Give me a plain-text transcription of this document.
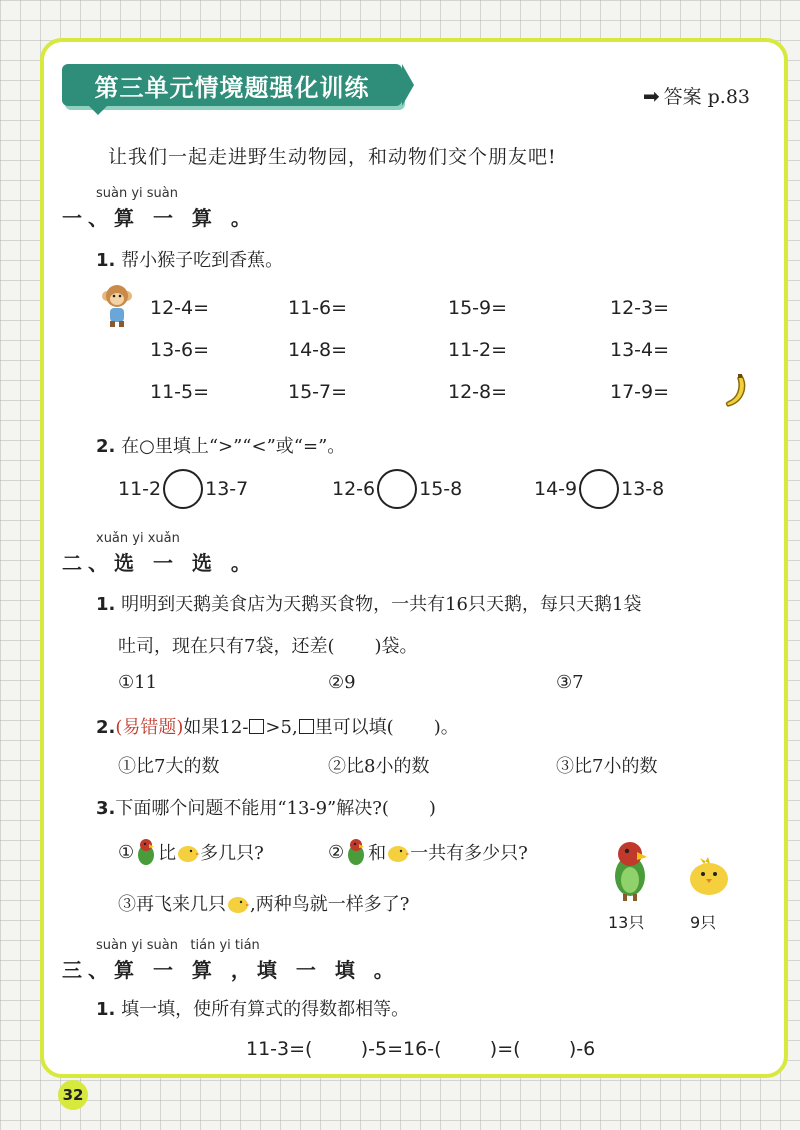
第三单元情境题强化训练	➡ 答案 p.83
让我们一起走进野生动物园，和动物们交个朋友吧!
suàn yi suàn
一、算 一 算 。
1. 帮小猴子吃到香蕉。
12-4=	11-6=	15-9=	12-3=
13-6=	14-8=	11-2=	13-4=
11-5=	15-7=	12-8=	17-9=
2. 在○里填上“>”“<”或“=”。
11-2 13-7	12-6 15-8	14-9 13-8
xuǎn yi xuǎn
二、选 一 选 。
1. 明明到天鹅美食店为天鹅买食物，一共有16只天鹅，每只天鹅1袋
吐司，现在只有7袋，还差( )袋。
①11	②9	③7
2.(易错题)如果12- >5, 里可以填( )。
①比7大的数	②比8小的数	③比7小的数
3.下面哪个问题不能用“13-9”解决?( )
① 比 多几只?	② 和 一共有多少只?
③再飞来几只 ,两种鸟就一样多了?
13只	9只
suàn yi suàn   tián yi tián
三、算 一 算 ，填 一 填 。
1. 填一填，使所有算式的得数都相等。
11-3=(        )-5=16-(        )=(        )-6
32
